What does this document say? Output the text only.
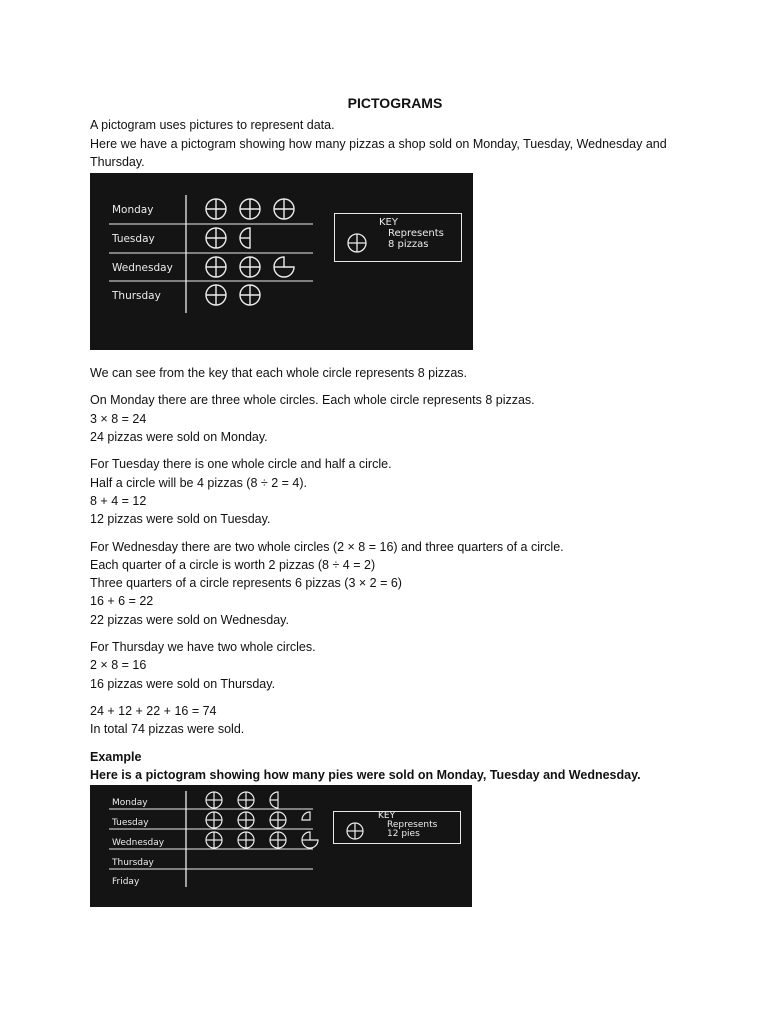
PICTOGRAMS

A pictogram uses pictures to represent data.

Here we have a pictogram showing how many pizzas a shop sold on Monday, Tuesday, Wednesday and Thursday.

Monday
Tuesday
Wednesday
Thursday
KEY
Represents
8 pizzas

We can see from the key that each whole circle represents 8 pizzas.

On Monday there are three whole circles. Each whole circle represents 8 pizzas.

3 × 8 = 24

24 pizzas were sold on Monday.

For Tuesday there is one whole circle and half a circle.

Half a circle will be 4 pizzas (8 ÷ 2 = 4).

8 + 4 = 12

12 pizzas were sold on Tuesday.

For Wednesday there are two whole circles (2 × 8 = 16) and three quarters of a circle.

Each quarter of a circle is worth 2 pizzas (8 ÷ 4 = 2)

Three quarters of a circle represents 6 pizzas (3 × 2 = 6)

16 + 6 = 22

22 pizzas were sold on Wednesday.

For Thursday we have two whole circles.

2 × 8 = 16

16 pizzas were sold on Thursday.

24 + 12 + 22 + 16 = 74

In total 74 pizzas were sold.

Example

Here is a pictogram showing how many pies were sold on Monday, Tuesday and Wednesday.

Monday
Tuesday
Wednesday
Thursday
Friday
KEY
Represents
12 pies
